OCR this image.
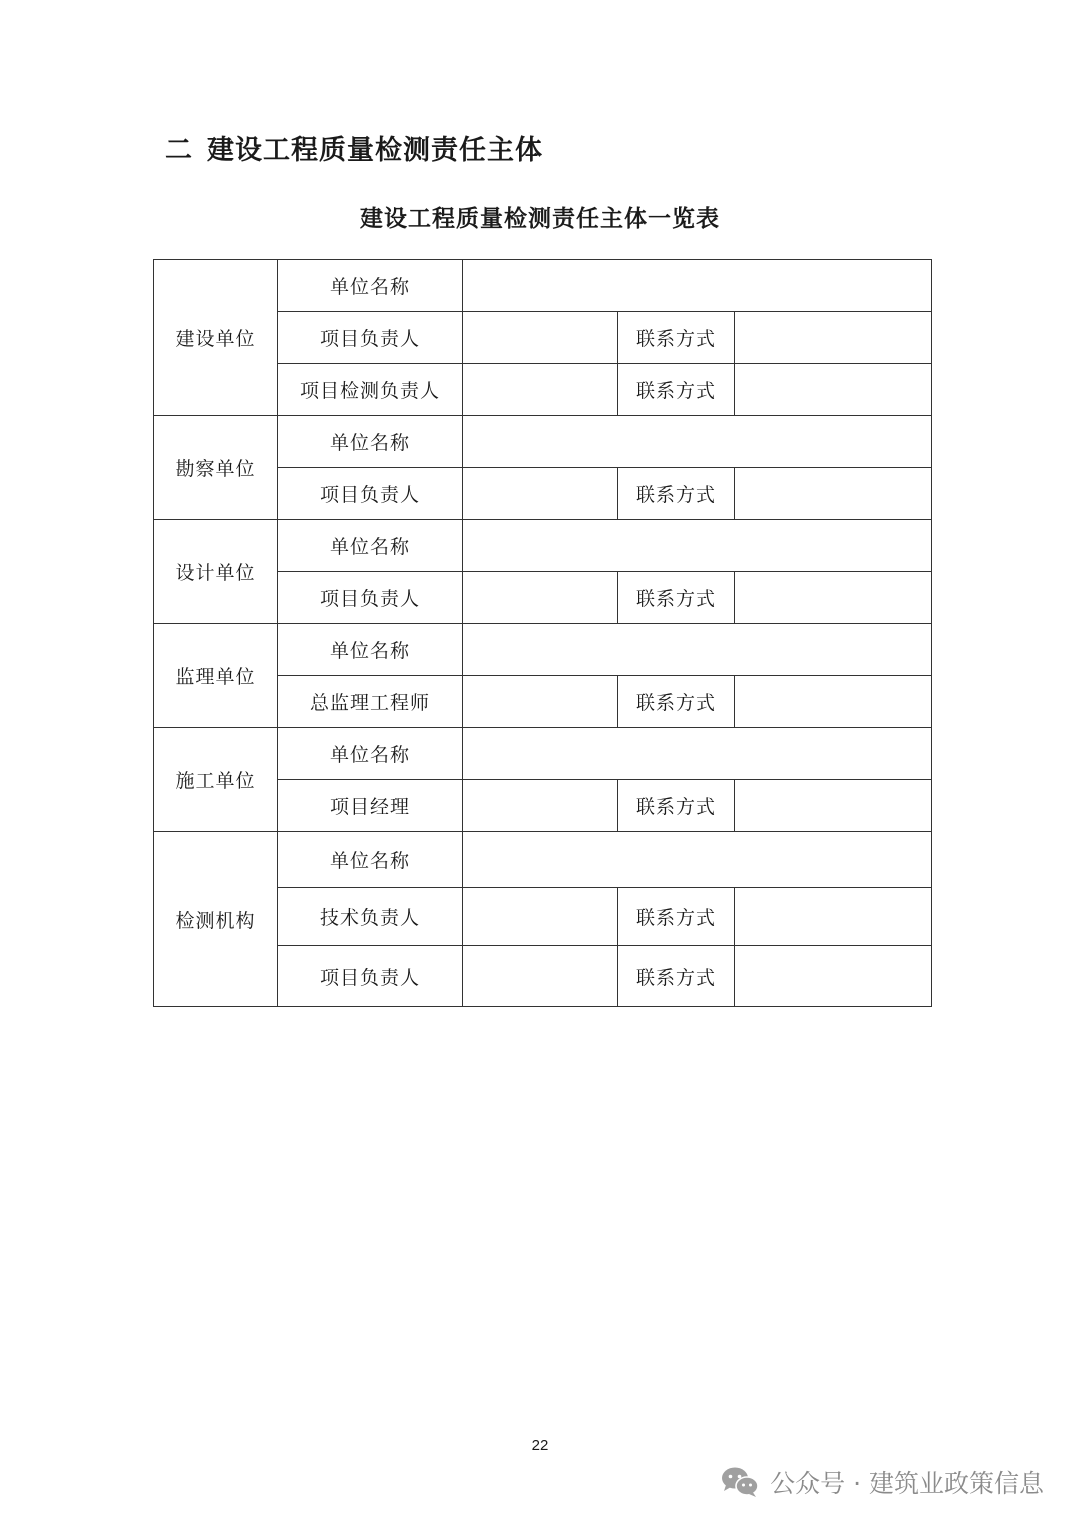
二 建设工程质量检测责任主体
建设工程质量检测责任主体一览表
建设单位	单位名称			
	项目负责人		联系方式	
	项目检测负责人		联系方式	
勘察单位	单位名称			
	项目负责人		联系方式	
设计单位	单位名称			
	项目负责人		联系方式	
监理单位	单位名称			
	总监理工程师		联系方式	
施工单位	单位名称			
	项目经理		联系方式	
检测机构	单位名称			
	技术负责人		联系方式	
	项目负责人		联系方式	
22
公众号 · 建筑业政策信息
